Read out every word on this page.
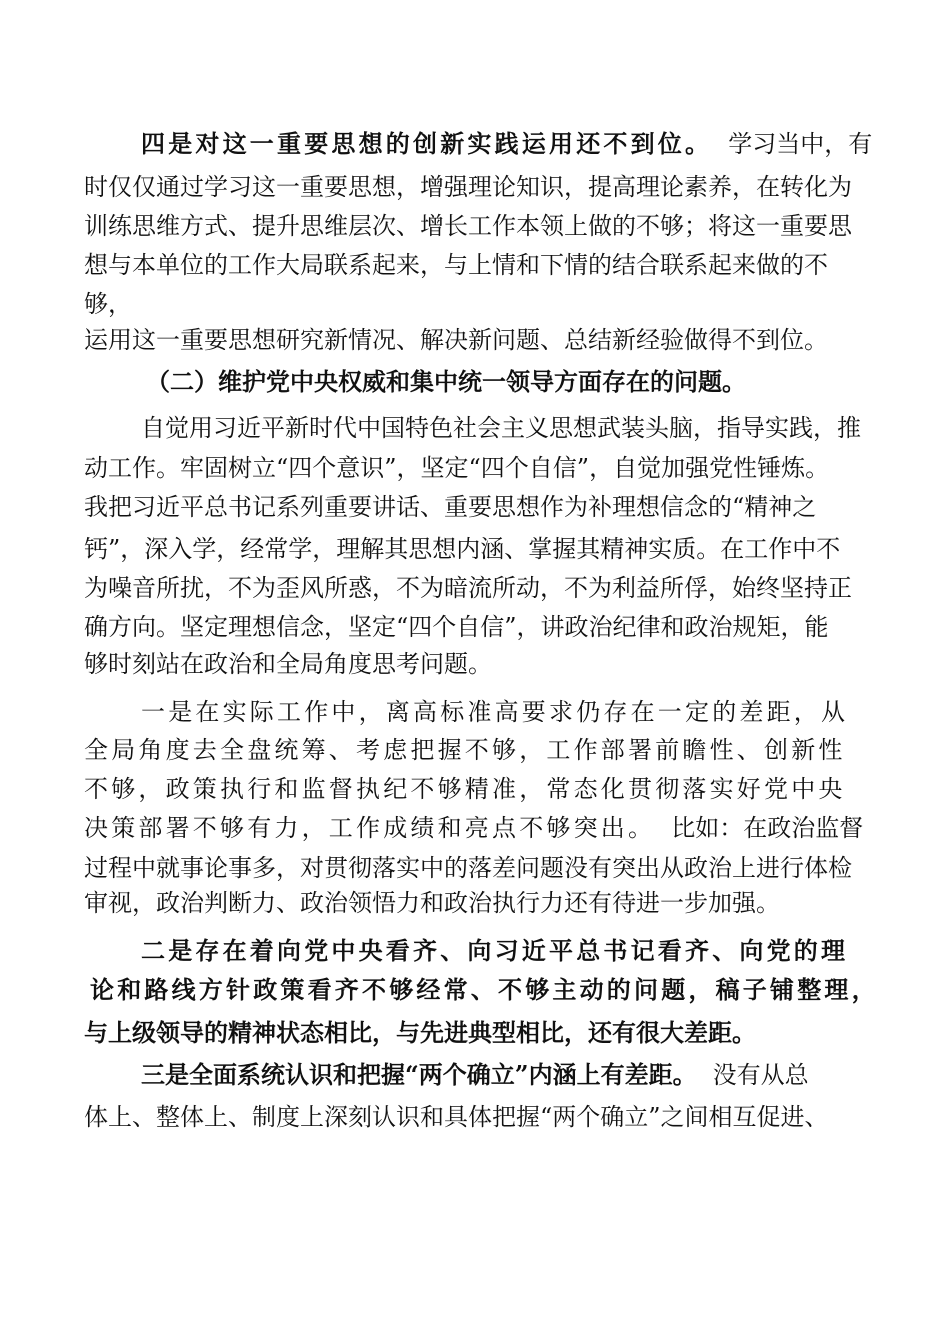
四是对这一重要思想的创新实践运用还不到位。 学习当中，有
时仅仅通过学习这一重要思想，增强理论知识，提高理论素养，在转化为
训练思维方式、提升思维层次、增长工作本领上做的不够；将这一重要思
想与本单位的工作大局联系起来，与上情和下情的结合联系起来做的不
够，
运用这一重要思想研究新情况、解决新问题、总结新经验做得不到位。
（二）维护党中央权威和集中统一领导方面存在的问题。
自觉用习近平新时代中国特色社会主义思想武装头脑，指导实践，推
动工作。牢固树立“四个意识”，坚定“四个自信”，自觉加强党性锤炼。
我把习近平总书记系列重要讲话、重要思想作为补理想信念的“精神之
钙”，深入学，经常学，理解其思想内涵、掌握其精神实质。在工作中不
为噪音所扰，不为歪风所惑，不为暗流所动，不为利益所俘，始终坚持正
确方向。坚定理想信念，坚定“四个自信”，讲政治纪律和政治规矩，能
够时刻站在政治和全局角度思考问题。
一是在实际工作中，离高标准高要求仍存在一定的差距，从
全局角度去全盘统筹、考虑把握不够，工作部署前瞻性、创新性
不够，政策执行和监督执纪不够精准，常态化贯彻落实好党中央
决策部署不够有力，工作成绩和亮点不够突出。 比如：在政治监督
过程中就事论事多，对贯彻落实中的落差问题没有突出从政治上进行体检
审视，政治判断力、政治领悟力和政治执行力还有待进一步加强。
二是存在着向党中央看齐、向习近平总书记看齐、向党的理
论和路线方针政策看齐不够经常、不够主动的问题，稿子铺整理，
与上级领导的精神状态相比，与先进典型相比，还有很大差距。
三是全面系统认识和把握“两个确立”内涵上有差距。 没有从总
体上、整体上、制度上深刻认识和具体把握“两个确立”之间相互促进、
